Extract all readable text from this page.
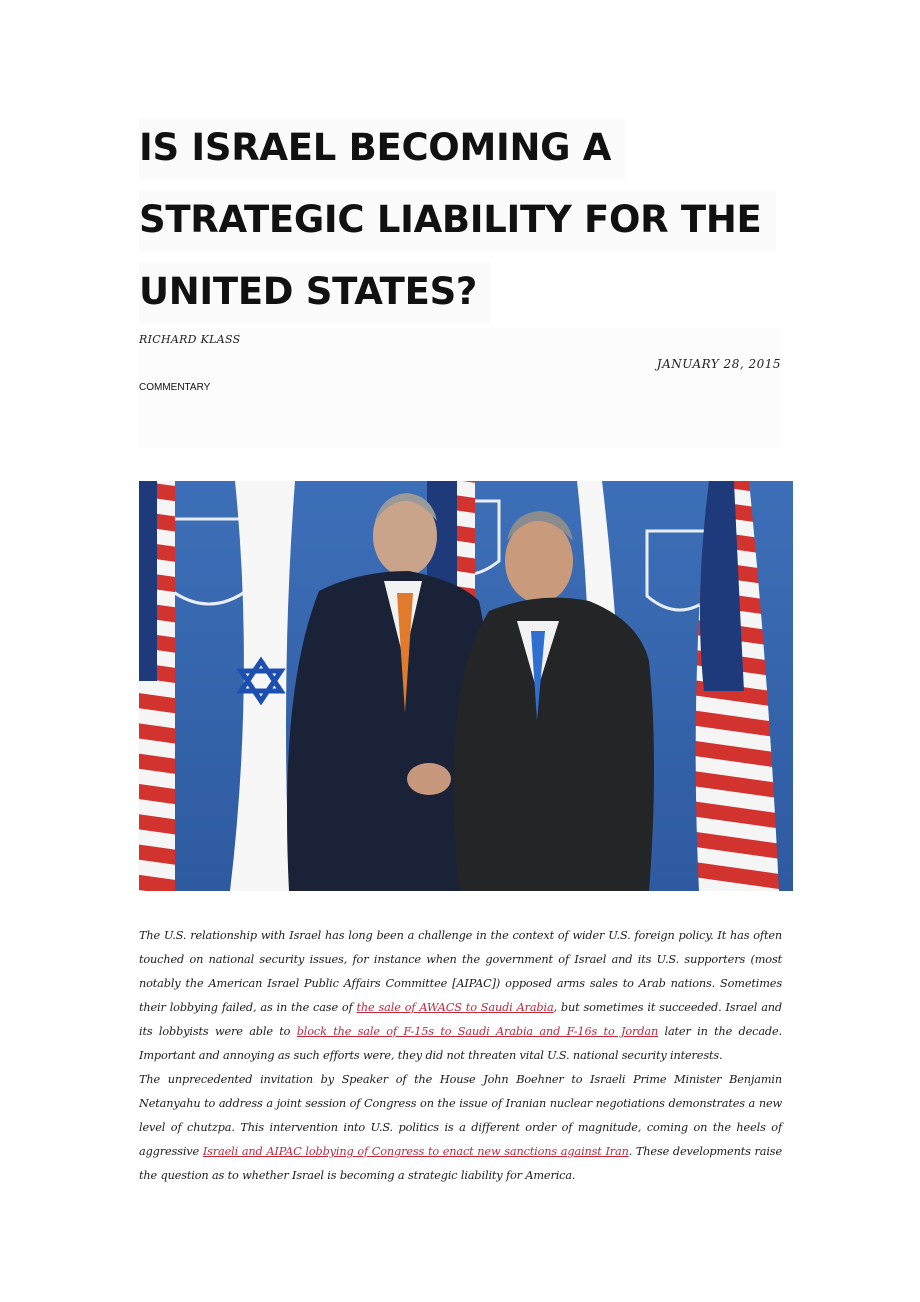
IS ISRAEL BECOMING A
STRATEGIC LIABILITY FOR THE
UNITED STATES?
RICHARD KLASS
JANUARY 28, 2015
COMMENTARY

The U.S. relationship with Israel has long been a challenge in the context of wider U.S. foreign policy. It has often touched on national security issues, for instance when the government of Israel and its U.S. supporters (most notably the American Israel Public Affairs Committee [AIPAC]) opposed arms sales to Arab nations. Sometimes their lobbying failed, as in the case of the sale of AWACS to Saudi Arabia, but sometimes it succeeded. Israel and its lobbyists were able to block the sale of F-15s to Saudi Arabia and F-16s to Jordan later in the decade. Important and annoying as such efforts were, they did not threaten vital U.S. national security interests.

The unprecedented invitation by Speaker of the House John Boehner to Israeli Prime Minister Benjamin Netanyahu to address a joint session of Congress on the issue of Iranian nuclear negotiations demonstrates a new level of chutzpa. This intervention into U.S. politics is a different order of magnitude, coming on the heels of aggressive Israeli and AIPAC lobbying of Congress to enact new sanctions against Iran. These developments raise the question as to whether Israel is becoming a strategic liability for America.
